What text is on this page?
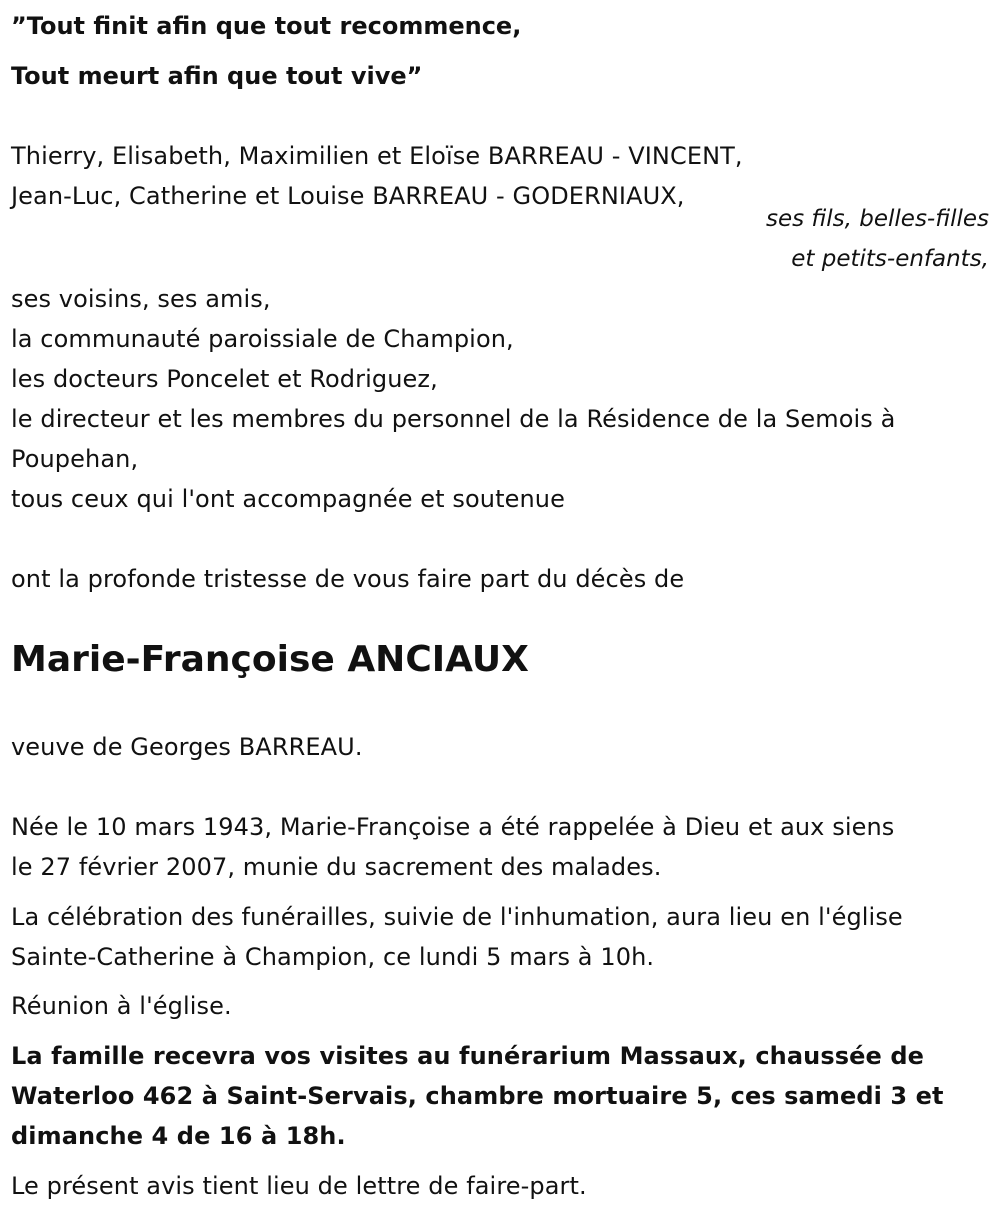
”Tout finit afin que tout recommence,
Tout meurt afin que tout vive”
Thierry, Elisabeth, Maximilien et Eloïse BARREAU - VINCENT,
Jean-Luc, Catherine et Louise BARREAU - GODERNIAUX,
ses fils, belles-filles
et petits-enfants,
ses voisins, ses amis,
la communauté paroissiale de Champion,
les docteurs Poncelet et Rodriguez,
le directeur et les membres du personnel de la Résidence de la Semois à
Poupehan,
tous ceux qui l'ont accompagnée et soutenue
ont la profonde tristesse de vous faire part du décès de
Marie-Françoise ANCIAUX
veuve de Georges BARREAU.
Née le 10 mars 1943, Marie-Françoise a été rappelée à Dieu et aux siens
le 27 février 2007, munie du sacrement des malades.
La célébration des funérailles, suivie de l'inhumation, aura lieu en l'église
Sainte-Catherine à Champion, ce lundi 5 mars à 10h.
Réunion à l'église.
La famille recevra vos visites au funérarium Massaux, chaussée de
Waterloo 462 à Saint-Servais, chambre mortuaire 5, ces samedi 3 et
dimanche 4 de 16 à 18h.
Le présent avis tient lieu de lettre de faire-part.
